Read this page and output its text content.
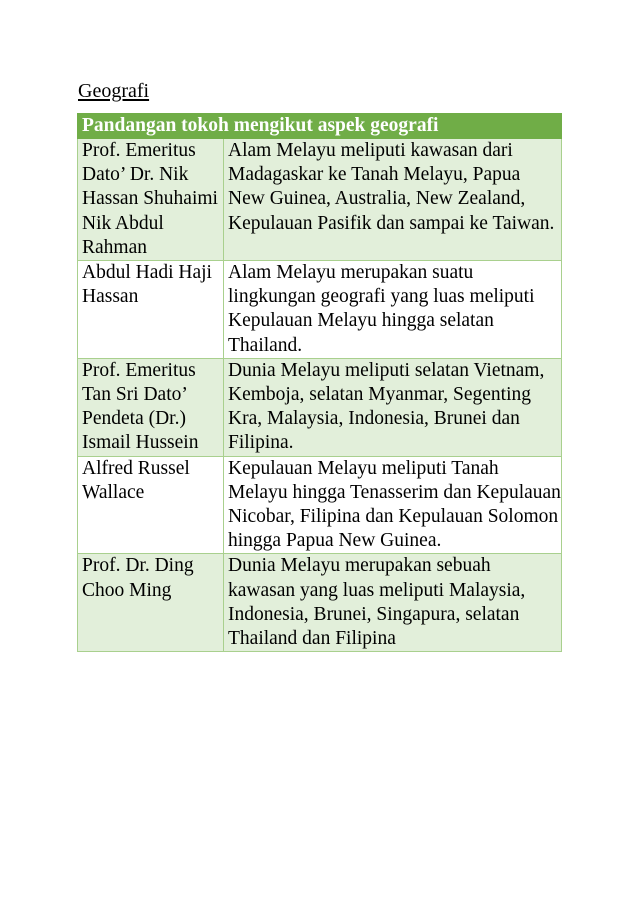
Geografi
Pandangan tokoh mengikut aspek geografi	
Prof. Emeritus Dato’ Dr. Nik Hassan Shuhaimi Nik Abdul Rahman	Alam Melayu meliputi kawasan dari Madagaskar ke Tanah Melayu, Papua New Guinea, Australia, New Zealand, Kepulauan Pasifik dan sampai ke Taiwan.
Abdul Hadi Haji Hassan	Alam Melayu merupakan suatu lingkungan geografi yang luas meliputi Kepulauan Melayu hingga selatan Thailand.
Prof. Emeritus Tan Sri Dato’ Pendeta (Dr.) Ismail Hussein	Dunia Melayu meliputi selatan Vietnam, Kemboja, selatan Myanmar, Segenting Kra, Malaysia, Indonesia, Brunei dan Filipina.
Alfred Russel Wallace	Kepulauan Melayu meliputi Tanah Melayu hingga Tenasserim dan Kepulauan Nicobar, Filipina dan Kepulauan Solomon hingga Papua New Guinea.
Prof. Dr. Ding Choo Ming	Dunia Melayu merupakan sebuah kawasan yang luas meliputi Malaysia, Indonesia, Brunei, Singapura, selatan Thailand dan Filipina
